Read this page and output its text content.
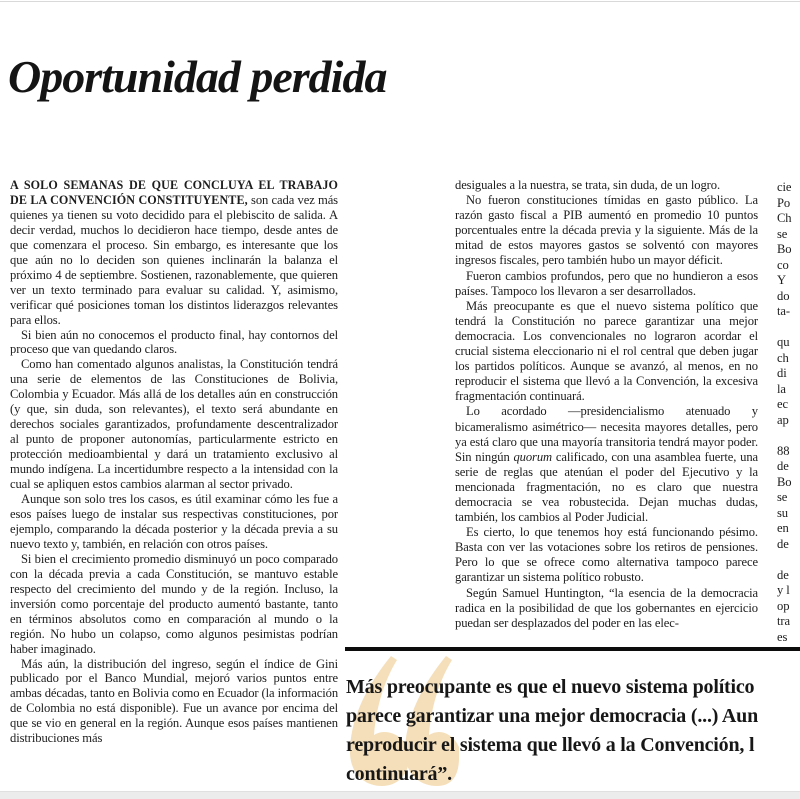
Oportunidad perdida

A SOLO SEMANAS DE QUE CONCLUYA EL TRABAJO DE LA CONVENCIÓN CONSTITUYENTE, son cada vez más quienes ya tienen su voto decidido para el plebiscito de salida. A decir verdad, muchos lo decidieron hace tiempo, desde antes de que comenzara el proceso. Sin embargo, es interesante que los que aún no lo deciden son quienes inclinarán la balanza el próximo 4 de septiembre. Sostienen, razonablemente, que quieren ver un texto terminado para evaluar su calidad. Y, asimismo, verificar qué posiciones toman los distintos liderazgos relevantes para ellos.

Si bien aún no conocemos el producto final, hay contornos del proceso que van quedando claros.

Como han comentado algunos analistas, la Constitución tendrá una serie de elementos de las Constituciones de Bolivia, Colombia y Ecuador. Más allá de los detalles aún en construcción (y que, sin duda, son relevantes), el texto será abundante en derechos sociales garantizados, profundamente descentralizador al punto de proponer autonomías, particularmente estricto en protección medioambiental y dará un tratamiento exclusivo al mundo indígena. La incertidumbre respecto a la intensidad con la cual se apliquen estos cambios alarman al sector privado.

Aunque son solo tres los casos, es útil examinar cómo les fue a esos países luego de instalar sus respectivas constituciones, por ejemplo, comparando la década posterior y la década previa a su nuevo texto y, también, en relación con otros países.

Si bien el crecimiento promedio disminuyó un poco comparado con la década previa a cada Constitución, se mantuvo estable respecto del crecimiento del mundo y de la región. Incluso, la inversión como porcentaje del producto aumentó bastante, tanto en términos absolutos como en comparación al mundo o la región. No hubo un colapso, como algunos pesimistas podrían haber imaginado.

Más aún, la distribución del ingreso, según el índice de Gini publicado por el Banco Mundial, mejoró varios puntos entre ambas décadas, tanto en Bolivia como en Ecuador (la información de Colombia no está disponible). Fue un avance por encima del que se vio en general en la región. Aunque esos países mantienen distribuciones más

desiguales a la nuestra, se trata, sin duda, de un logro.

No fueron constituciones tímidas en gasto público. La razón gasto fiscal a PIB aumentó en promedio 10 puntos porcentuales entre la década previa y la siguiente. Más de la mitad de estos mayores gastos se solventó con mayores ingresos fiscales, pero también hubo un mayor déficit.

Fueron cambios profundos, pero que no hundieron a esos países. Tampoco los llevaron a ser desarrollados.

Más preocupante es que el nuevo sistema político que tendrá la Constitución no parece garantizar una mejor democracia. Los convencionales no lograron acordar el crucial sistema eleccionario ni el rol central que deben jugar los partidos políticos. Aunque se avanzó, al menos, en no reproducir el sistema que llevó a la Convención, la excesiva fragmentación continuará.

Lo acordado —presidencialismo atenuado y bicameralismo asimétrico— necesita mayores detalles, pero ya está claro que una mayoría transitoria tendrá mayor poder. Sin ningún quorum calificado, con una asamblea fuerte, una serie de reglas que atenúan el poder del Ejecutivo y la mencionada fragmentación, no es claro que nuestra democracia se vea robustecida. Dejan muchas dudas, también, los cambios al Poder Judicial.

Es cierto, lo que tenemos hoy está funcionando pésimo. Basta con ver las votaciones sobre los retiros de pensiones. Pero lo que se ofrece como alternativa tampoco parece garantizar un sistema político robusto.

Según Samuel Huntington, “la esencia de la democracia radica en la posibilidad de que los gobernantes en ejercicio puedan ser desplazados del poder en las elec-

cie
Po
Ch
se
Bo
co
Y
do
ta-
qu
ch
di
la
ec
ap
88
de
Bo
se
su
en
de
de
y l
op
tra
es
Más preocupante es que el nuevo sistema político
parece garantizar una mejor democracia (...) Aun
reproducir el sistema que llevó a la Convención, l
continuará”.
